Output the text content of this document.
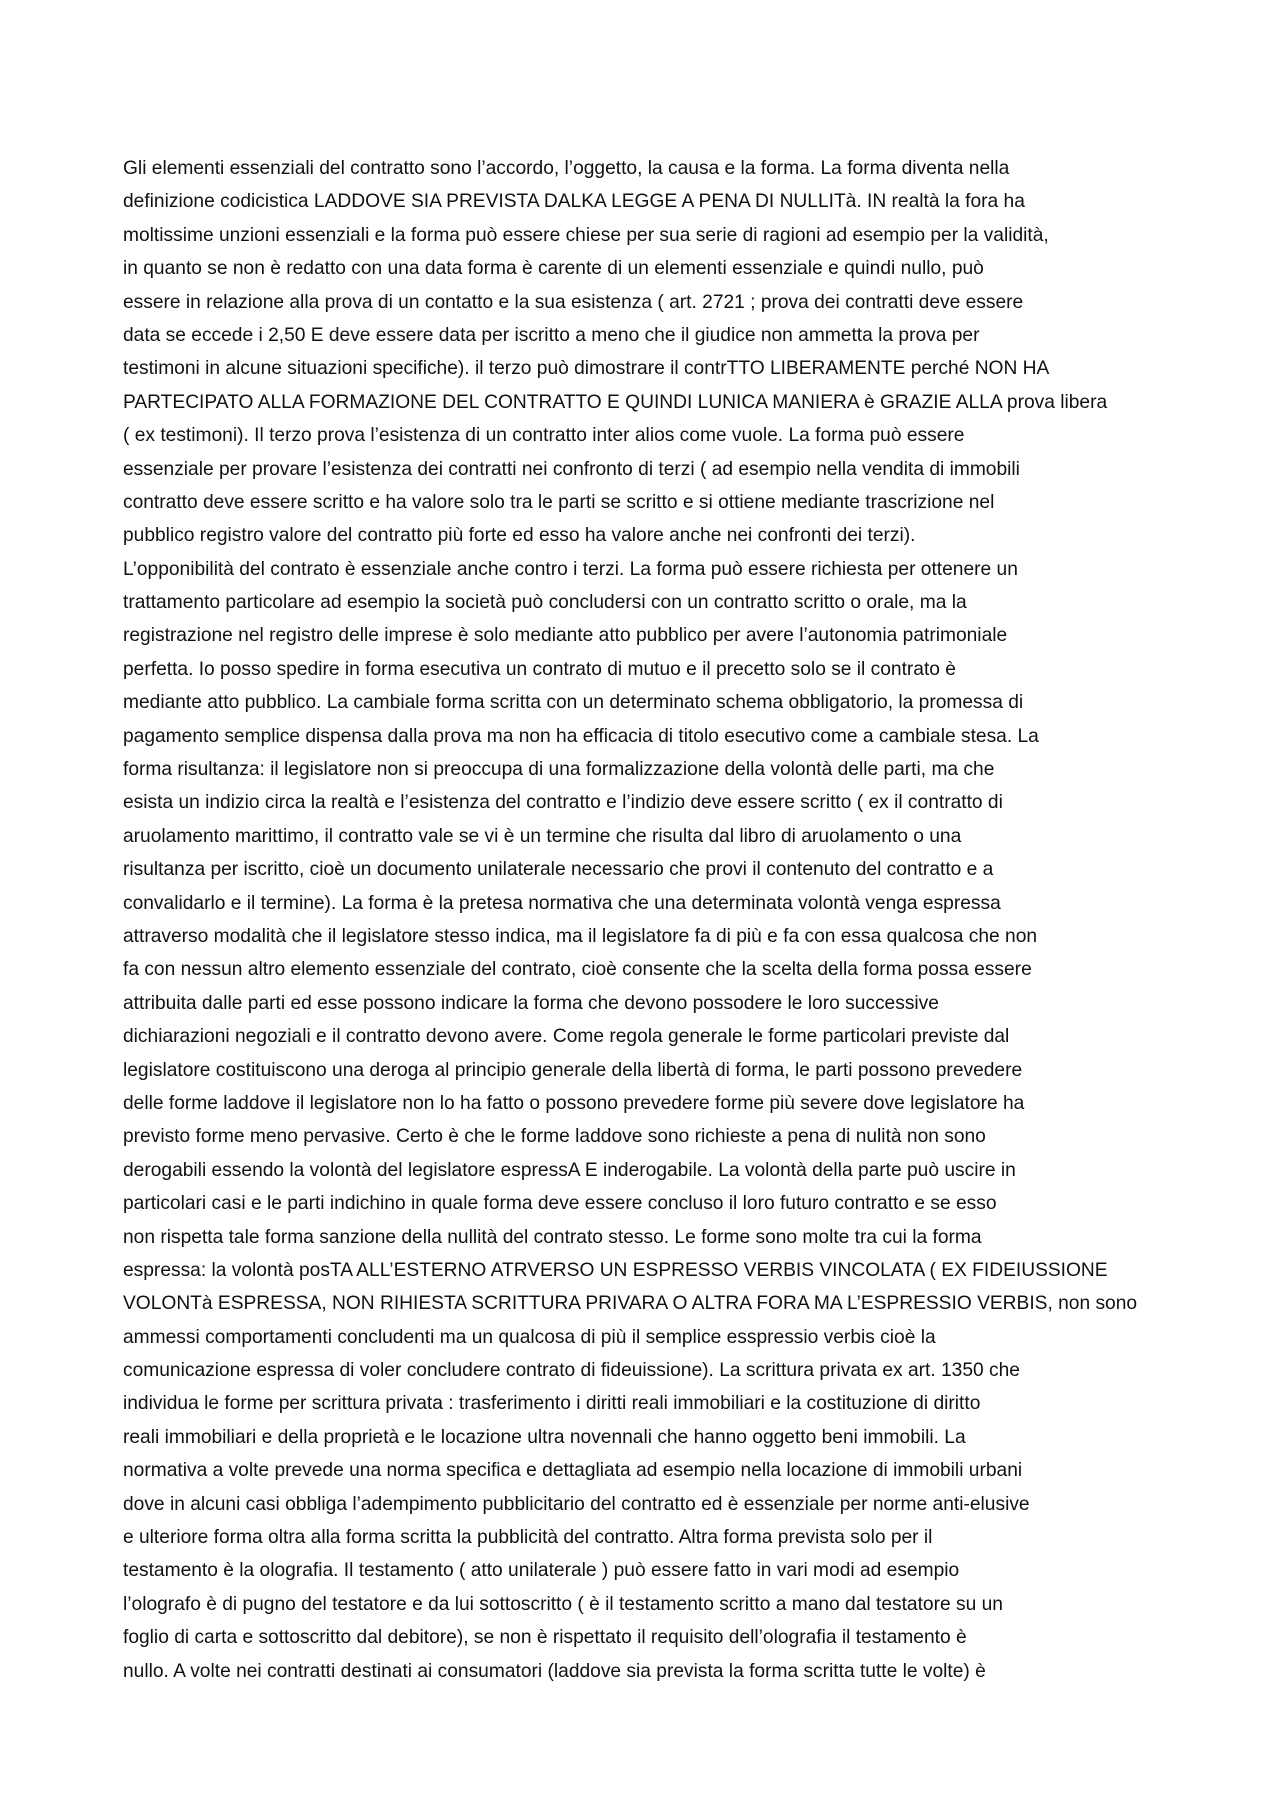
Gli elementi essenziali del contratto sono l’accordo, l’oggetto, la causa e la forma. La forma diventa nella
definizione codicistica LADDOVE SIA PREVISTA DALKA LEGGE A PENA DI NULLITà. IN realtà la fora ha
moltissime unzioni essenziali e la forma può essere chiese per sua serie di ragioni ad esempio per la validità,
in quanto se non è redatto con una data forma è carente di un elementi essenziale e quindi nullo, può
essere in relazione alla prova di un contatto e la sua esistenza ( art. 2721 ; prova dei contratti deve essere
data se eccede i 2,50 E deve essere data per iscritto a meno che il giudice non ammetta la prova per
testimoni in alcune situazioni specifiche). il terzo può dimostrare il contrTTO LIBERAMENTE perché NON HA
PARTECIPATO ALLA FORMAZIONE DEL CONTRATTO E QUINDI LUNICA MANIERA è GRAZIE ALLA prova libera
( ex testimoni). Il terzo prova l’esistenza di un contratto inter alios come vuole. La forma può essere
essenziale per provare l’esistenza dei contratti nei confronto di terzi ( ad esempio nella vendita di immobili
contratto deve essere scritto e ha valore solo tra le parti se scritto e si ottiene mediante trascrizione nel
pubblico registro valore del contratto più forte ed esso ha valore anche nei confronti dei terzi).
L’opponibilità del contrato è essenziale anche contro i terzi. La forma può essere richiesta per ottenere un
trattamento particolare ad esempio la società può concludersi con un contratto scritto o orale, ma la
registrazione nel registro delle imprese è solo mediante atto pubblico per avere l’autonomia patrimoniale
perfetta. Io posso spedire in forma esecutiva un contrato di mutuo e il precetto solo se il contrato è
mediante atto pubblico. La cambiale forma scritta con un determinato schema obbligatorio, la promessa di
pagamento semplice dispensa dalla prova ma non ha efficacia di titolo esecutivo come a cambiale stesa. La
forma risultanza: il legislatore non si preoccupa di una formalizzazione della volontà delle parti, ma che
esista un indizio circa la realtà e l’esistenza del contratto e l’indizio deve essere scritto ( ex il contratto di
aruolamento marittimo, il contratto vale se vi è un termine che risulta dal libro di aruolamento o una
risultanza per iscritto, cioè un documento unilaterale necessario che provi il contenuto del contratto e a
convalidarlo e il termine). La forma è la pretesa normativa che una determinata volontà venga espressa
attraverso modalità che il legislatore stesso indica, ma il legislatore fa di più e fa con essa qualcosa che non
fa con nessun altro elemento essenziale del contrato, cioè consente che la scelta della forma possa essere
attribuita dalle parti ed esse possono indicare la forma che devono possodere le loro successive
dichiarazioni negoziali e il contratto devono avere. Come regola generale le forme particolari previste dal
legislatore costituiscono una deroga al principio generale della libertà di forma, le parti possono prevedere
delle forme laddove il legislatore non lo ha fatto o possono prevedere forme più severe dove legislatore ha
previsto forme meno pervasive. Certo è che le forme laddove sono richieste a pena di nulità non sono
derogabili essendo la volontà del legislatore espressA E inderogabile. La volontà della parte può uscire in
particolari casi e le parti indichino in quale forma deve essere concluso il loro futuro contratto e se esso
non rispetta tale forma sanzione della nullità del contrato stesso. Le forme sono molte tra cui la forma
espressa: la volontà posTA ALL’ESTERNO ATRVERSO UN ESPRESSO VERBIS VINCOLATA ( EX FIDEIUSSIONE
VOLONTà ESPRESSA, NON RIHIESTA SCRITTURA PRIVARA O ALTRA FORA MA L’ESPRESSIO VERBIS, non sono
ammessi comportamenti concludenti ma un qualcosa di più il semplice esspressio verbis cioè la
comunicazione espressa di voler concludere contrato di fideuissione). La scrittura privata ex art. 1350 che
individua le forme per scrittura privata : trasferimento i diritti reali immobiliari e la costituzione di diritto
reali immobiliari e della proprietà e le locazione ultra novennali che hanno oggetto beni immobili. La
normativa a volte prevede una norma specifica e dettagliata ad esempio nella locazione di immobili urbani
dove in alcuni casi obbliga l’adempimento pubblicitario del contratto ed è essenziale per norme anti-elusive
e ulteriore forma oltra alla forma scritta la pubblicità del contratto. Altra forma prevista solo per il
testamento è la olografia. Il testamento ( atto unilaterale ) può essere fatto in vari modi ad esempio
l’olografo è di pugno del testatore e da lui sottoscritto ( è il testamento scritto a mano dal testatore su un
foglio di carta e sottoscritto dal debitore), se non è rispettato il requisito dell’olografia il testamento è
nullo. A volte nei contratti destinati ai consumatori (laddove sia prevista la forma scritta tutte le volte) è
